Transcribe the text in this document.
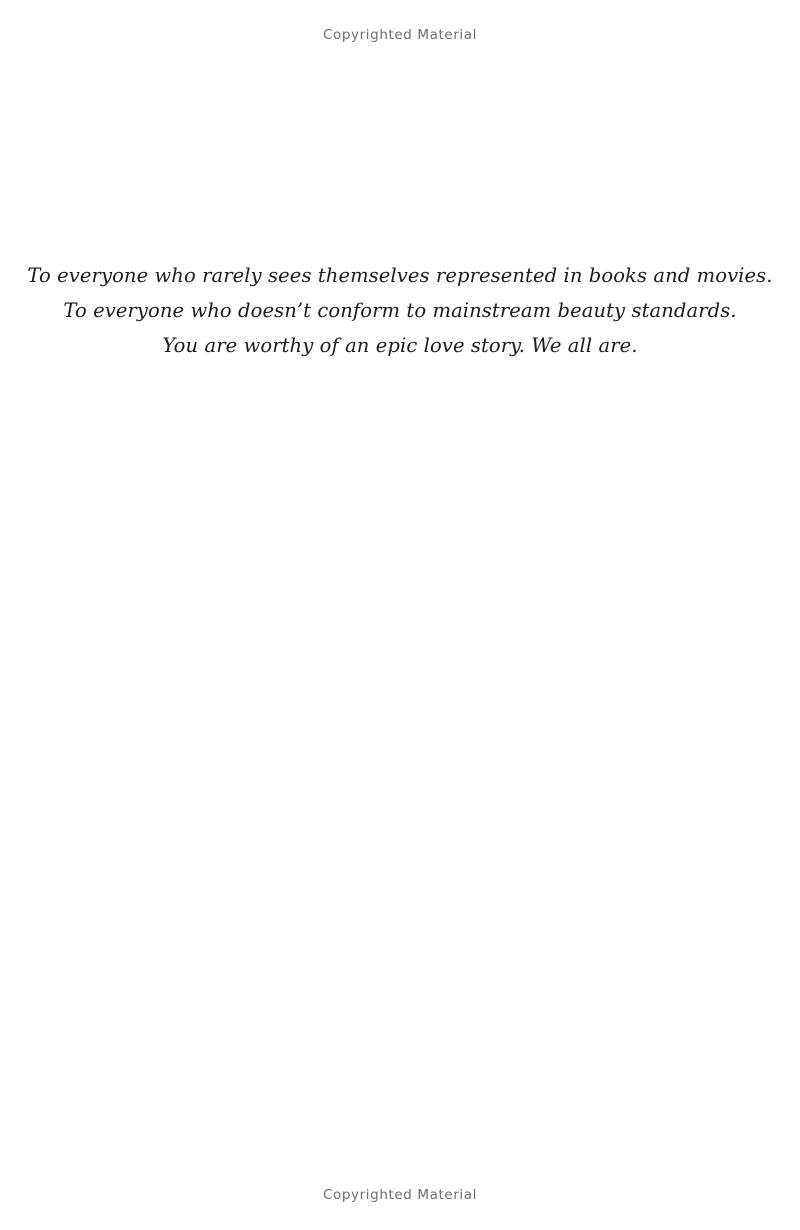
Copyrighted Material
To everyone who rarely sees themselves represented in books and movies.
To everyone who doesn’t conform to mainstream beauty standards.
You are worthy of an epic love story. We all are.
Copyrighted Material
